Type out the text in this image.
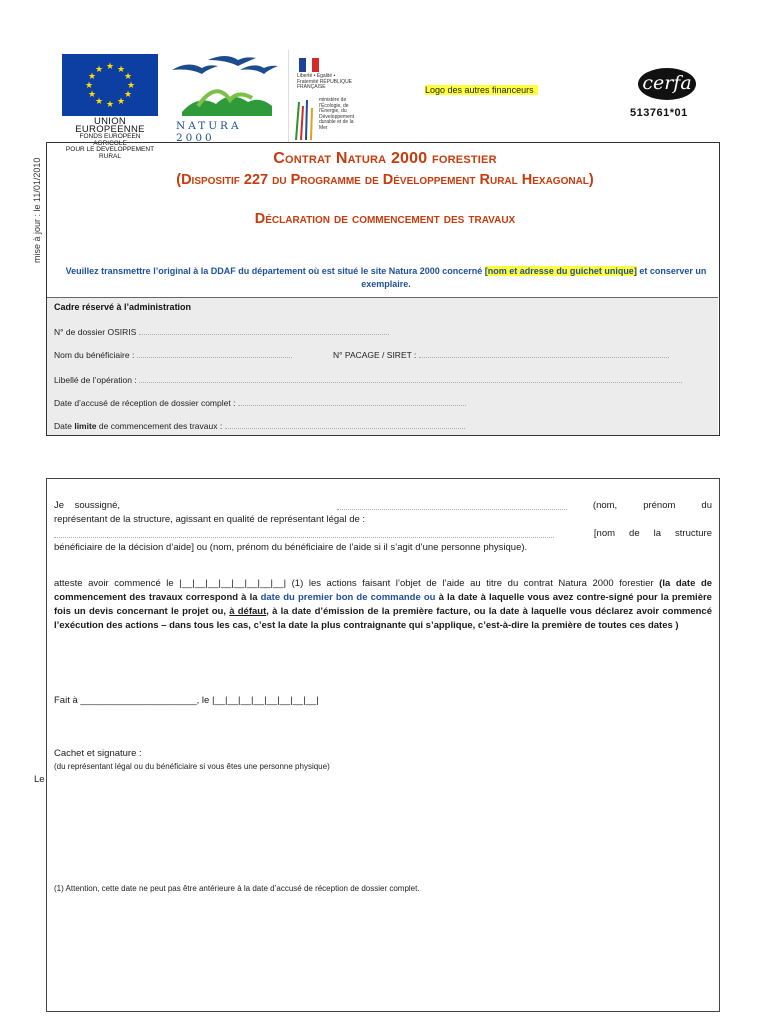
★ ★
★
★
★
★
★
★
★
★
★
★
UNION EUROPEENNE
FONDS EUROPEEN AGRICOLE
POUR LE DEVELOPPEMENT RURAL
NATURA 2000
Liberté • Égalité • Fraternité RÉPUBLIQUE FRANÇAISE
ministère de l'Écologie, de l'Énergie, du Développement durable et de la Mer
Logo des autres financeurs	cerfa
513761*01
mise à jour : le 11/01/2010	Contrat Natura 2000 forestier
(Dispositif 227 du Programme de Développement Rural Hexagonal)
Déclaration de commencement des travaux
Veuillez transmettre l’original à la DDAF du département où est situé le site Natura 2000 concerné [nom et adresse du guichet unique] et conserver un exemplaire.
Cadre réservé à l’administration
N° de dossier OSIRIS
Nom du bénéficiaire :	N° PACAGE / SIRET :
Libellé de l’opération :
Date d’accusé de réception de dossier complet :
Date limite de commencement des travaux :
Je soussigné,	(nom,	prénom	du
représentant de la structure, agissant en qualité de représentant légal de :
[nom de la structure
bénéficiaire de la décision d’aide] ou (nom, prénom du bénéficiaire de l’aide si il s’agit d’une personne physique).
atteste avoir commencé le |__|__|__|__|__|__|__|__| (1) les actions faisant l’objet de l’aide au titre du contrat Natura 2000 forestier (la date de commencement des travaux correspond à la date du premier bon de commande ou à la date à laquelle vous avez contre-signé pour la première fois un devis concernant le projet ou, à défaut, à la date d’émission de la première facture, ou la date à laquelle vous déclarez avoir commencé l’exécution des actions – dans tous les cas, c’est la date la plus contraignante qui s’applique, c’est-à-dire la première de toutes ces dates )
Fait à ______________________, le |__|__|__|__|__|__|__|__|
Cachet et signature :
(du représentant légal ou du bénéficiaire si vous êtes une personne physique)
Le
(1) Attention, cette date ne peut pas être antérieure à la date d’accusé de réception de dossier complet.
